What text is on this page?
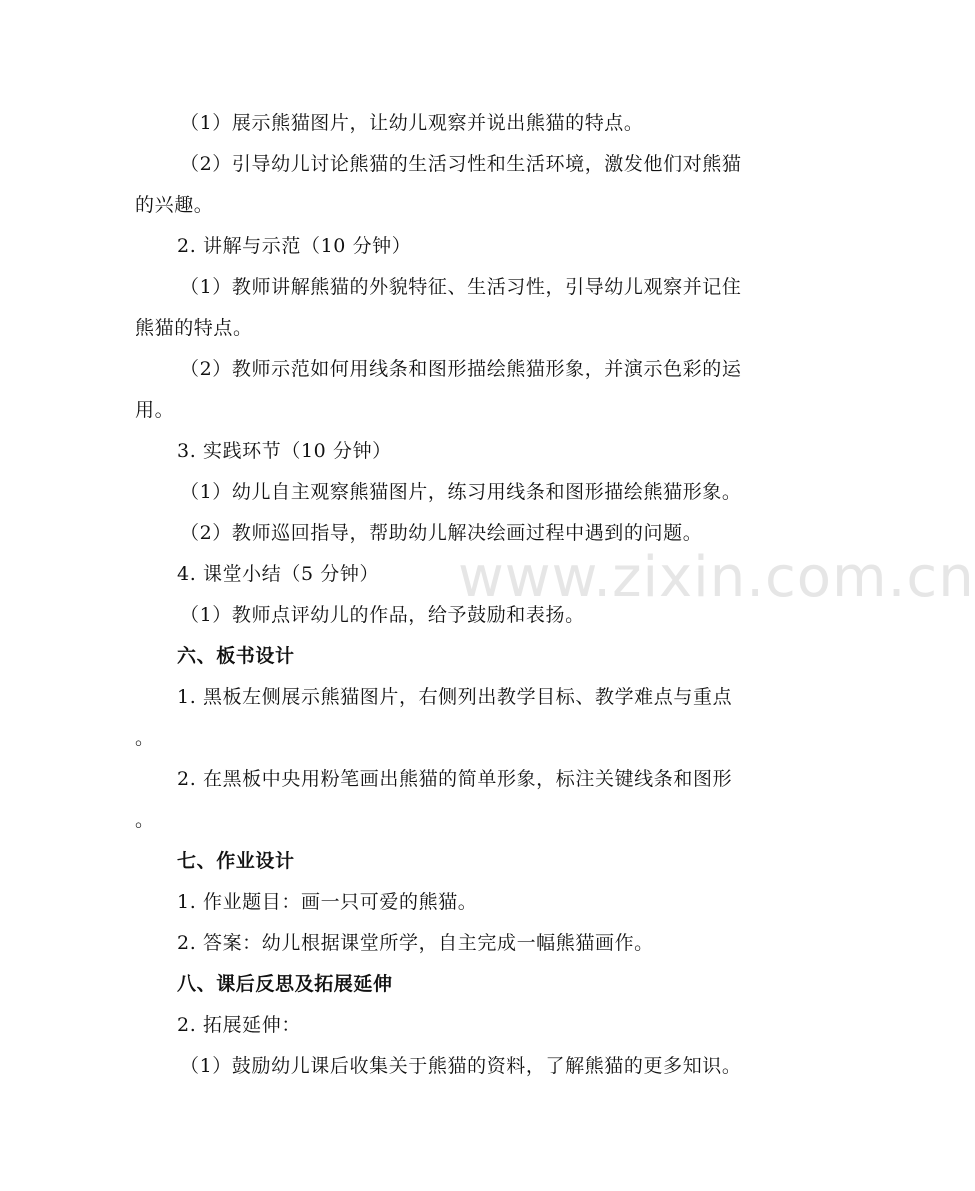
www.zixin.com.cn
（1）展示熊猫图片，让幼儿观察并说出熊猫的特点。
（2）引导幼儿讨论熊猫的生活习性和生活环境，激发他们对熊猫
的兴趣。
2. 讲解与示范（10 分钟）
（1）教师讲解熊猫的外貌特征、生活习性，引导幼儿观察并记住
熊猫的特点。
（2）教师示范如何用线条和图形描绘熊猫形象，并演示色彩的运
用。
3. 实践环节（10 分钟）
（1）幼儿自主观察熊猫图片，练习用线条和图形描绘熊猫形象。
（2）教师巡回指导，帮助幼儿解决绘画过程中遇到的问题。
4. 课堂小结（5 分钟）
（1）教师点评幼儿的作品，给予鼓励和表扬。
六、板书设计
1. 黑板左侧展示熊猫图片，右侧列出教学目标、教学难点与重点
。
2. 在黑板中央用粉笔画出熊猫的简单形象，标注关键线条和图形
。
七、作业设计
1. 作业题目：画一只可爱的熊猫。
2. 答案：幼儿根据课堂所学，自主完成一幅熊猫画作。
八、课后反思及拓展延伸
2. 拓展延伸：
（1）鼓励幼儿课后收集关于熊猫的资料，了解熊猫的更多知识。
